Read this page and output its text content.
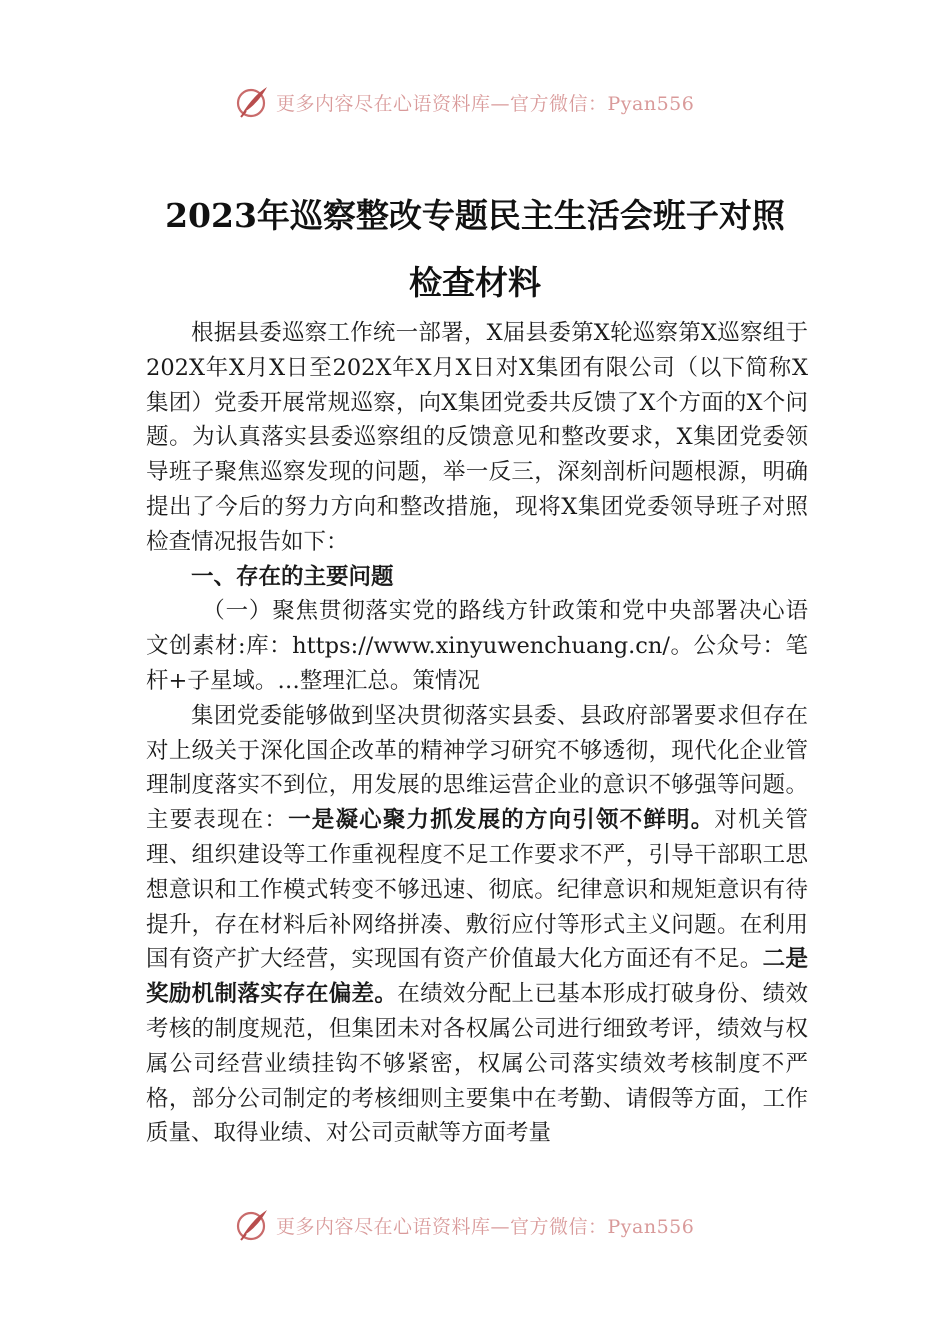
更多内容尽在心语资料库—官方微信：Pyan556
2023年巡察整改专题民主生活会班子对照
检查材料

根据县委巡察工作统一部署，X届县委第X轮巡察第X巡察组于202X年X月X日至202X年X月X日对X集团有限公司（以下简称X集团）党委开展常规巡察，向X集团党委共反馈了X个方面的X个问题。为认真落实县委巡察组的反馈意见和整改要求，X集团党委领导班子聚焦巡察发现的问题，举一反三，深刻剖析问题根源，明确提出了今后的努力方向和整改措施，现将X集团党委领导班子对照检查情况报告如下：

一、存在的主要问题

（一）聚焦贯彻落实党的路线方针政策和党中央部署决心语文创素材:库：https://www.xinyuwenchuang.cn/。公众号：笔杆+子星域。…整理汇总。策情况

集团党委能够做到坚决贯彻落实县委、县政府部署要求但存在对上级关于深化国企改革的精神学习研究不够透彻，现代化企业管理制度落实不到位，用发展的思维运营企业的意识不够强等问题。主要表现在：一是凝心聚力抓发展的方向引领不鲜明。对机关管理、组织建设等工作重视程度不足工作要求不严，引导干部职工思想意识和工作模式转变不够迅速、彻底。纪律意识和规矩意识有待提升，存在材料后补网络拼凑、敷衍应付等形式主义问题。在利用国有资产扩大经营，实现国有资产价值最大化方面还有不足。二是奖励机制落实存在偏差。在绩效分配上已基本形成打破身份、绩效考核的制度规范，但集团未对各权属公司进行细致考评，绩效与权属公司经营业绩挂钩不够紧密，权属公司落实绩效考核制度不严格，部分公司制定的考核细则主要集中在考勤、请假等方面，工作质量、取得业绩、对公司贡献等方面考量

更多内容尽在心语资料库—官方微信：Pyan556
